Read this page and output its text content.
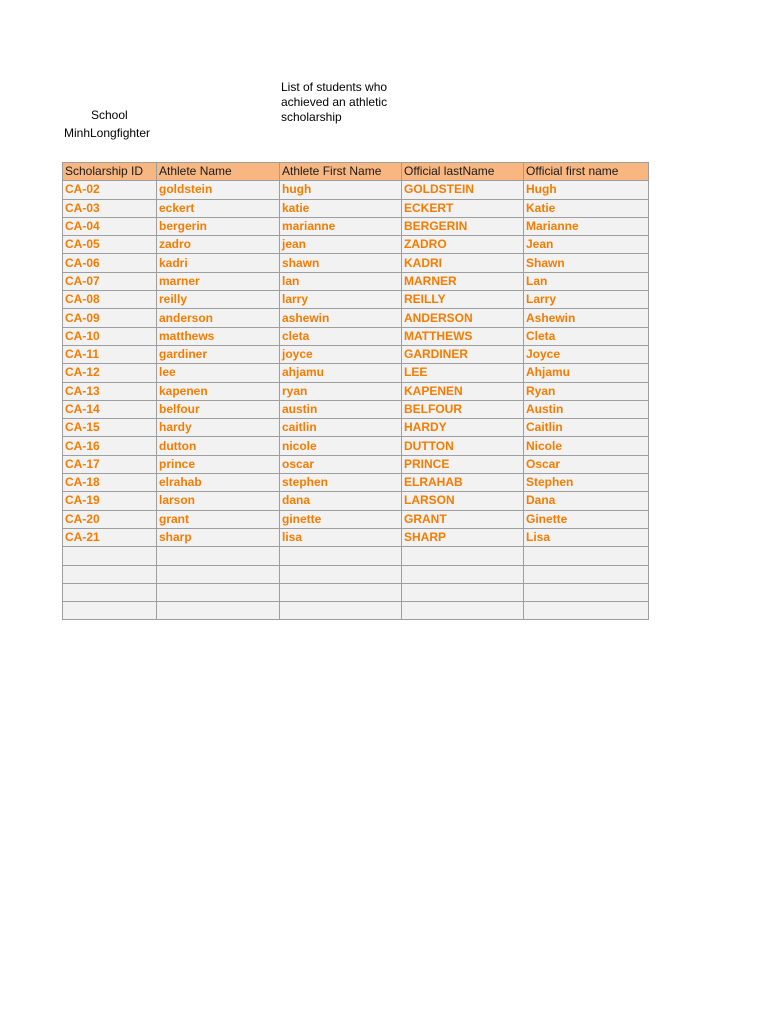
School
MinhLongfighter
List of students who achieved an athletic scholarship
Scholarship ID	Athlete Name	Athlete First Name	Official lastName	Official first name
CA-02	goldstein	hugh	GOLDSTEIN	Hugh
CA-03	eckert	katie	ECKERT	Katie
CA-04	bergerin	marianne	BERGERIN	Marianne
CA-05	zadro	jean	ZADRO	Jean
CA-06	kadri	shawn	KADRI	Shawn
CA-07	marner	lan	MARNER	Lan
CA-08	reilly	larry	REILLY	Larry
CA-09	anderson	ashewin	ANDERSON	Ashewin
CA-10	matthews	cleta	MATTHEWS	Cleta
CA-11	gardiner	joyce	GARDINER	Joyce
CA-12	lee	ahjamu	LEE	Ahjamu
CA-13	kapenen	ryan	KAPENEN	Ryan
CA-14	belfour	austin	BELFOUR	Austin
CA-15	hardy	caitlin	HARDY	Caitlin
CA-16	dutton	nicole	DUTTON	Nicole
CA-17	prince	oscar	PRINCE	Oscar
CA-18	elrahab	stephen	ELRAHAB	Stephen
CA-19	larson	dana	LARSON	Dana
CA-20	grant	ginette	GRANT	Ginette
CA-21	sharp	lisa	SHARP	Lisa
